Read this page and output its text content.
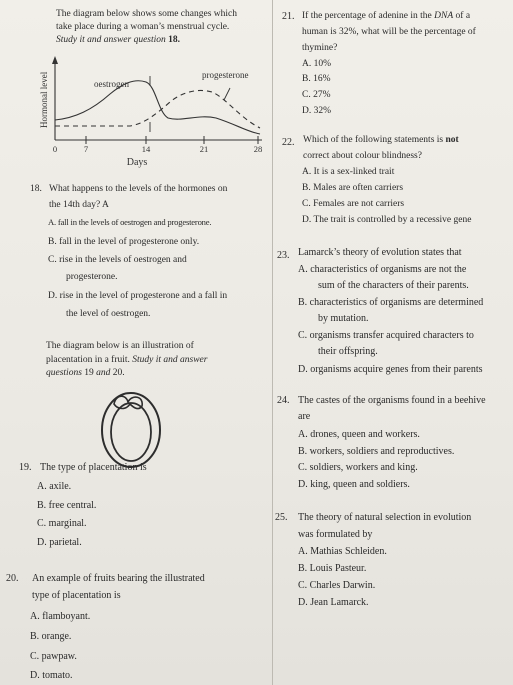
The diagram below shows some changes which
take place during a woman’s menstrual cycle.
Study it and answer question 18.
Hormonal level
0	7	14	21	28
Days
oestrogen
progesterone
18. What happens to the levels of the hormones on
the 14th day? A
A. fall in the levels of oestrogen and progesterone.
B. fall in the level of progesterone only.
C. rise in the levels of oestrogen and
progesterone.
D. rise in the level of progesterone and a fall in
the level of oestrogen.
The diagram below is an illustration of
placentation in a fruit. Study it and answer
questions 19 and 20.
19. The type of placentation is
A. axile.
B. free central.
C. marginal.
D. parietal.
20. An example of fruits bearing the illustrated
type of placentation is
A. flamboyant.
B. orange.
C. pawpaw.
D. tomato.
21. If the percentage of adenine in the DNA of a
human is 32%, what will be the percentage of
thymine?
A. 10%
B. 16%
C. 27%
D. 32%
22. Which of the following statements is not
correct about colour blindness?
A. It is a sex-linked trait
B. Males are often carriers
C. Females are not carriers
D. The trait is controlled by a recessive gene
23. Lamarck’s theory of evolution states that
A. characteristics of organisms are not the
sum of the characters of their parents.
B. characteristics of organisms are determined
by mutation.
C. organisms transfer acquired characters to
their offspring.
D. organisms acquire genes from their parents
24. The castes of the organisms found in a beehive
are
A. drones, queen and workers.
B. workers, soldiers and reproductives.
C. soldiers, workers and king.
D. king, queen and soldiers.
25. The theory of natural selection in evolution
was formulated by
A. Mathias Schleiden.
B. Louis Pasteur.
C. Charles Darwin.
D. Jean Lamarck.
